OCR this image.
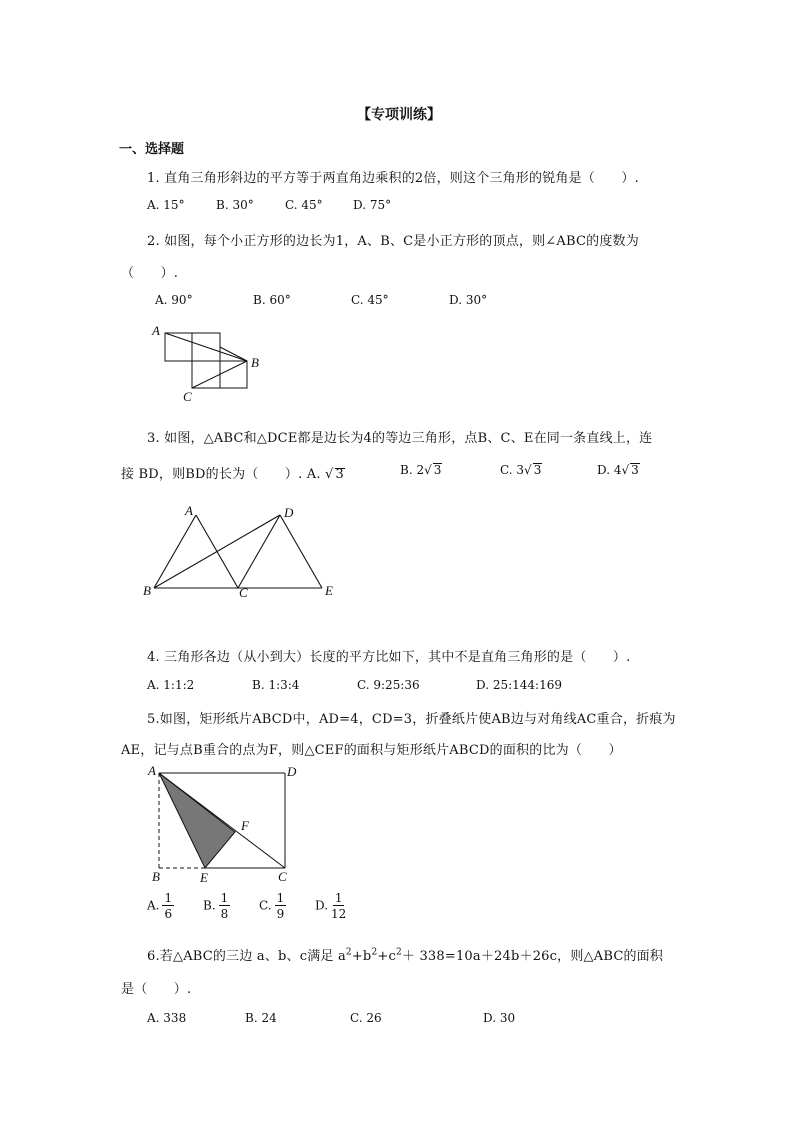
【专项训练】
一、选择题
1. 直角三角形斜边的平方等于两直角边乘积的2倍，则这个三角形的锐角是（　　）.
A. 15°	B. 30°	C. 45°	D. 75°
2. 如图，每个小正方形的边长为1，A、B、C是小正方形的顶点，则∠ABC的度数为
（　　）.
A. 90°	B. 60°	C. 45°	D. 30°
A
B
C
3. 如图，△ABC和△DCE都是边长为4的等边三角形，点B、C、E在同一条直线上，连
接 BD，则BD的长为（　　）. A. √ 3	B. 2√ 3	C. 3√ 3	D. 4√ 3
A	D
B	C	E
4. 三角形各边（从小到大）长度的平方比如下，其中不是直角三角形的是（　　）.
A. 1:1:2	B. 1:3:4	C. 9:25:36	D. 25:144:169
5.如图，矩形纸片ABCD中，AD=4，CD=3，折叠纸片使AB边与对角线AC重合，折痕为
AE，记与点B重合的点为F，则△CEF的面积与矩形纸片ABCD的面积的比为（　　）
A	D
F
B	E	C
A. $\frac{1}{6} B$. $\frac{1}{8} C$. $\frac{1}{9} D$. $\frac{1}{12}$
6.若△ABC的三边 a、b、c满足 $a^2+b^2+c^2+ 338=10a+24b+26c$，则△ABC的面积
是（　　）.
A. 338	B. 24	C. 26	D. 30
